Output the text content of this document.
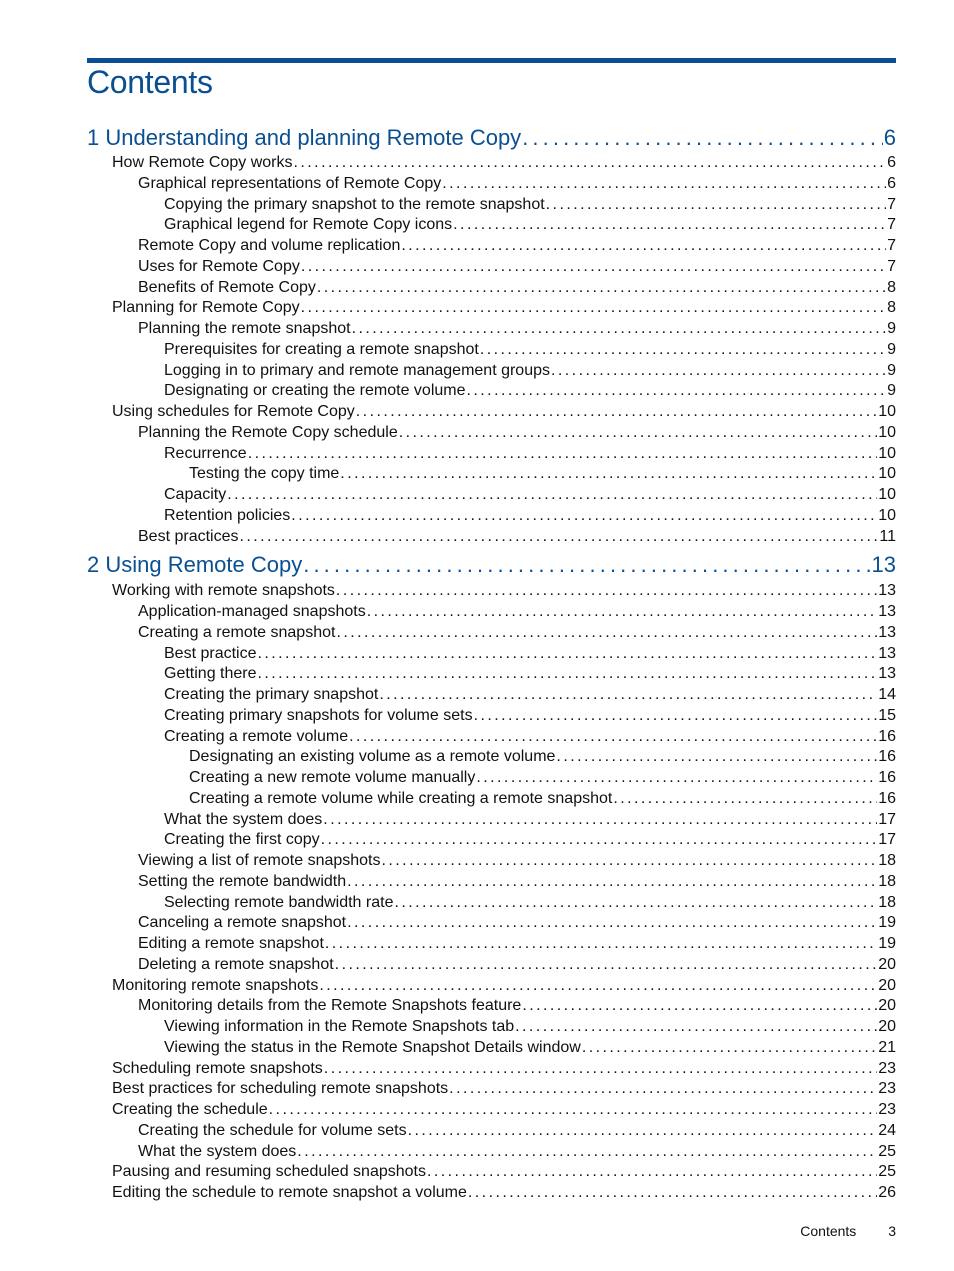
Contents
1 Understanding and planning Remote Copy . . .	6
How Remote Copy works . . .	6
Graphical representations of Remote Copy . . .	6
Copying the primary snapshot to the remote snapshot . . .	7
Graphical legend for Remote Copy icons . . .	7
Remote Copy and volume replication . . .	7
Uses for Remote Copy . . .	7
Benefits of Remote Copy . . .	8
Planning for Remote Copy . . .	8
Planning the remote snapshot . . .	9
Prerequisites for creating a remote snapshot . . .	9
Logging in to primary and remote management groups . . .	9
Designating or creating the remote volume . . .	9
Using schedules for Remote Copy . . .	10
Planning the Remote Copy schedule . . .	10
Recurrence . . .	10
Testing the copy time . . .	10
Capacity . . .	10
Retention policies . . .	10
Best practices . . .	11
2 Using Remote Copy . . .	13
Working with remote snapshots . . .	13
Application-managed snapshots . . .	13
Creating a remote snapshot . . .	13
Best practice . . .	13
Getting there . . .	13
Creating the primary snapshot . . .	14
Creating primary snapshots for volume sets . . .	15
Creating a remote volume . . .	16
Designating an existing volume as a remote volume . . .	16
Creating a new remote volume manually . . .	16
Creating a remote volume while creating a remote snapshot . . .	16
What the system does . . .	17
Creating the first copy . . .	17
Viewing a list of remote snapshots . . .	18
Setting the remote bandwidth . . .	18
Selecting remote bandwidth rate . . .	18
Canceling a remote snapshot . . .	19
Editing a remote snapshot . . .	19
Deleting a remote snapshot . . .	20
Monitoring remote snapshots . . .	20
Monitoring details from the Remote Snapshots feature . . .	20
Viewing information in the Remote Snapshots tab . . .	20
Viewing the status in the Remote Snapshot Details window . . .	21
Scheduling remote snapshots . . .	23
Best practices for scheduling remote snapshots . . .	23
Creating the schedule . . .	23
Creating the schedule for volume sets . . .	24
What the system does . . .	25
Pausing and resuming scheduled snapshots . . .	25
Editing the schedule to remote snapshot a volume . . .	26
Contents 3
